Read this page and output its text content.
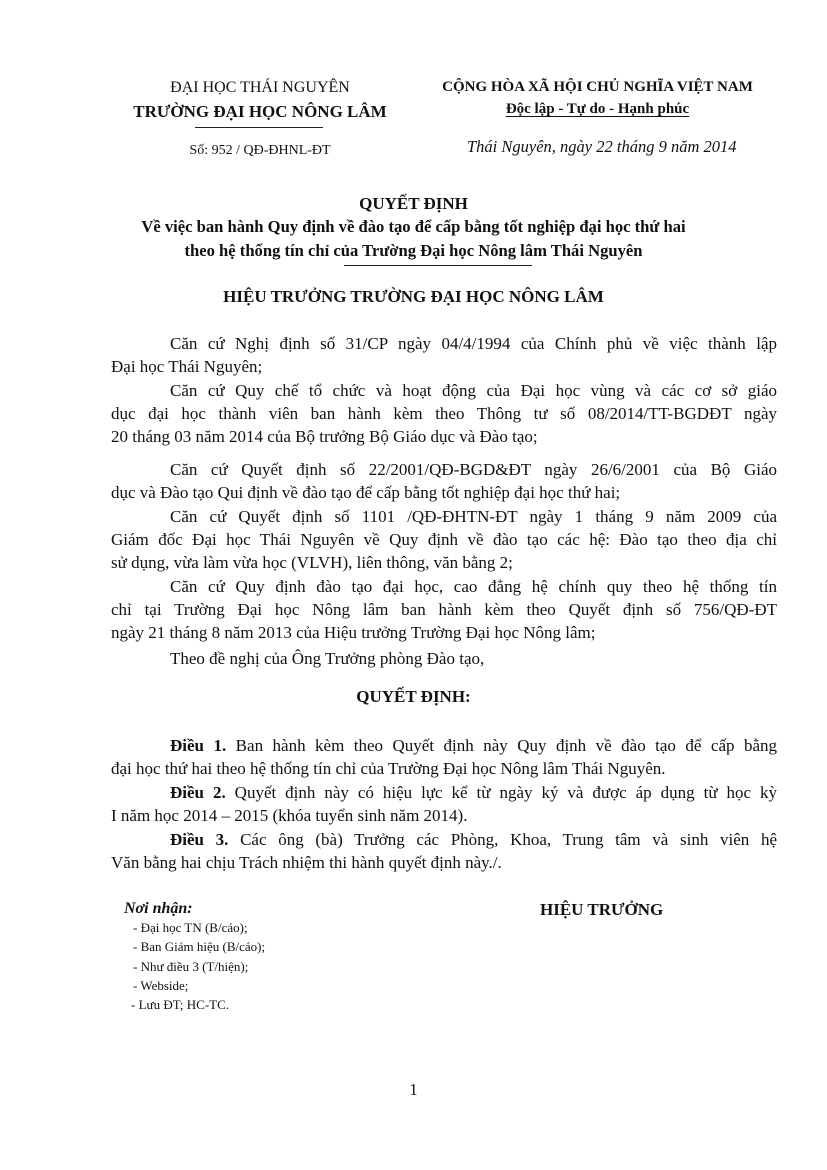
ĐẠI HỌC THÁI NGUYÊN
TRƯỜNG ĐẠI HỌC NÔNG LÂM
Số: 952 / QĐ-ĐHNL-ĐT
CỘNG HÒA XÃ HỘI CHỦ NGHĨA VIỆT NAM
Độc lập - Tự do - Hạnh phúc
Thái Nguyên, ngày 22 tháng 9 năm 2014
QUYẾT ĐỊNH
Về việc ban hành Quy định về đào tạo để cấp bằng tốt nghiệp đại học thứ hai
theo hệ thống tín chỉ của Trường Đại học Nông lâm Thái Nguyên
HIỆU TRƯỞNG TRƯỜNG ĐẠI HỌC NÔNG LÂM
Căn cứ Nghị định số 31/CP ngày 04/4/1994 của Chính phủ về việc thành lập
Đại học Thái Nguyên;
Căn cứ Quy chế tổ chức và hoạt động của Đại học vùng và các cơ sở giáo
dục đại học thành viên ban hành kèm theo Thông tư số 08/2014/TT-BGDĐT ngày
20 tháng 03 năm 2014 của Bộ trưởng Bộ Giáo dục và Đào tạo;
Căn cứ Quyết định số 22/2001/QĐ-BGD&ĐT ngày 26/6/2001 của Bộ Giáo
dục và Đào tạo Qui định về đào tạo để cấp bằng tốt nghiệp đại học thứ hai;
Căn cứ Quyết định số 1101 /QĐ-ĐHTN-ĐT ngày 1 tháng 9 năm 2009 của
Giám đốc Đại học Thái Nguyên về Quy định về đào tạo các hệ: Đào tạo theo địa chỉ
sử dụng, vừa làm vừa học (VLVH), liên thông, văn bằng 2;
Căn cứ Quy định đào tạo đại học, cao đẳng hệ chính quy theo hệ thống tín
chỉ tại Trường Đại học Nông lâm ban hành kèm theo Quyết định số 756/QĐ-ĐT
ngày 21 tháng 8 năm 2013 của Hiệu trưởng Trường Đại học Nông lâm;
Theo đề nghị của Ông Trưởng phòng Đào tạo,
QUYẾT ĐỊNH:
Điều 1. Ban hành kèm theo Quyết định này Quy định về đào tạo để cấp bằng
đại học thứ hai theo hệ thống tín chỉ của Trường Đại học Nông lâm Thái Nguyên.
Điều 2. Quyết định này có hiệu lực kể từ ngày ký và được áp dụng từ học kỳ
I năm học 2014 – 2015 (khóa tuyển sinh năm 2014).
Điều 3. Các ông (bà) Trưởng các Phòng, Khoa, Trung tâm và sinh viên hệ
Văn bằng hai chịu Trách nhiệm thi hành quyết định này./.
Nơi nhận:
- Đại học TN (B/cáo);
- Ban Giám hiệu (B/cáo);
- Như điều 3 (T/hiện);
- Webside;
- Lưu ĐT; HC-TC.
HIỆU TRƯỞNG
1
